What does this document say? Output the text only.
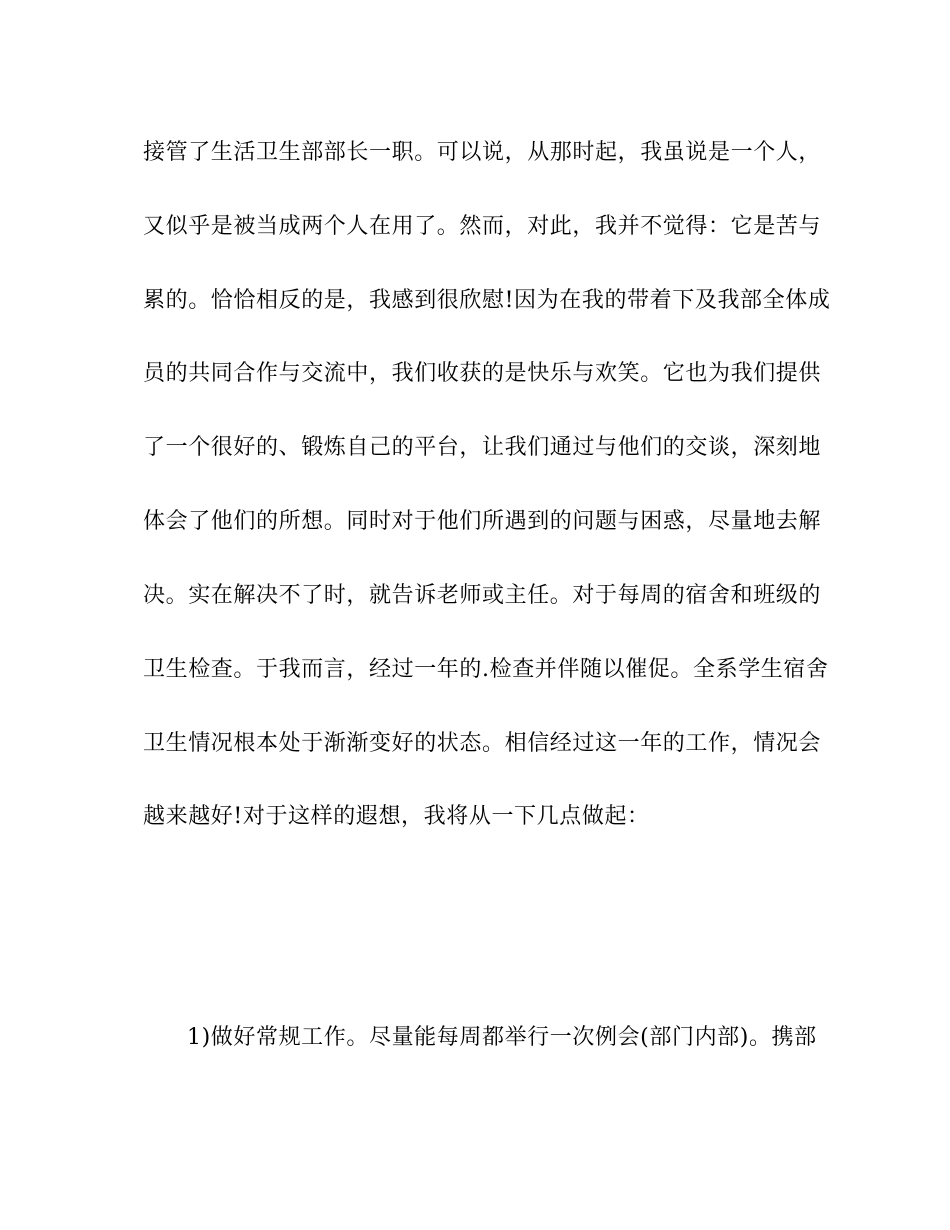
接管了生活卫生部部长一职。可以说，从那时起，我虽说是一个人，
又似乎是被当成两个人在用了。然而，对此，我并不觉得：它是苦与
累的。恰恰相反的是，我感到很欣慰!因为在我的带着下及我部全体成
员的共同合作与交流中，我们收获的是快乐与欢笑。它也为我们提供
了一个很好的、锻炼自己的平台，让我们通过与他们的交谈，深刻地
体会了他们的所想。同时对于他们所遇到的问题与困惑，尽量地去解
决。实在解决不了时，就告诉老师或主任。对于每周的宿舍和班级的
卫生检查。于我而言，经过一年的.检查并伴随以催促。全系学生宿舍
卫生情况根本处于渐渐变好的状态。相信经过这一年的工作，情况会
越来越好!对于这样的遐想，我将从一下几点做起：
1)做好常规工作。尽量能每周都举行一次例会(部门内部)。携部
